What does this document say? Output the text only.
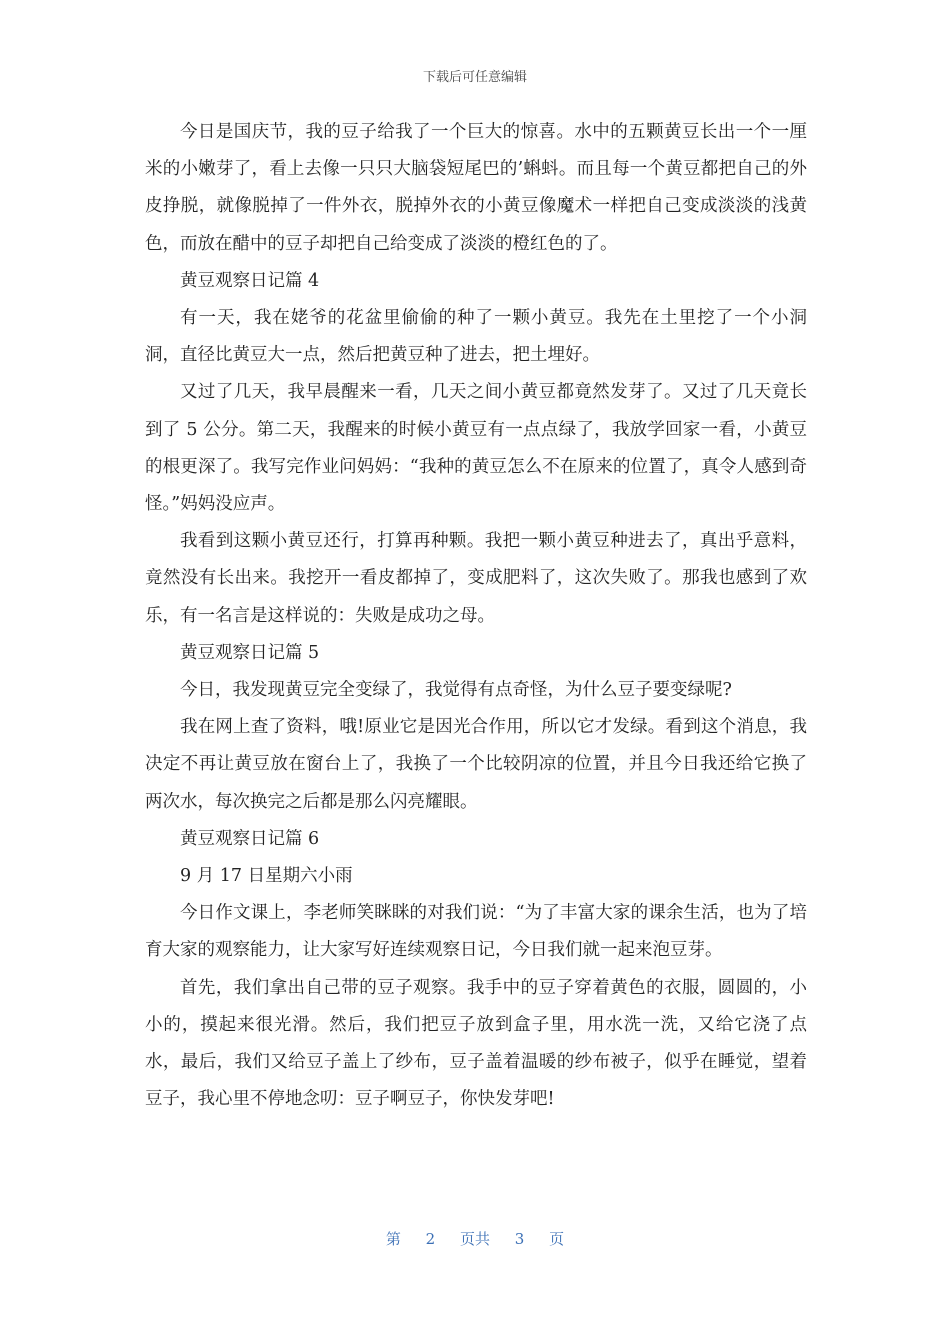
下载后可任意编辑

今日是国庆节，我的豆子给我了一个巨大的惊喜。水中的五颗黄豆长出一个一厘米的小嫩芽了，看上去像一只只大脑袋短尾巴的’蝌蚪。而且每一个黄豆都把自己的外皮挣脱，就像脱掉了一件外衣，脱掉外衣的小黄豆像魔术一样把自己变成淡淡的浅黄色，而放在醋中的豆子却把自己给变成了淡淡的橙红色的了。

黄豆观察日记篇 4

有一天，我在姥爷的花盆里偷偷的种了一颗小黄豆。我先在土里挖了一个小洞洞，直径比黄豆大一点，然后把黄豆种了进去，把土埋好。

又过了几天，我早晨醒来一看，几天之间小黄豆都竟然发芽了。又过了几天竟长到了 5 公分。第二天，我醒来的时候小黄豆有一点点绿了，我放学回家一看，小黄豆的根更深了。我写完作业问妈妈：“我种的黄豆怎么不在原来的位置了，真令人感到奇怪。”妈妈没应声。

我看到这颗小黄豆还行，打算再种颗。我把一颗小黄豆种进去了，真出乎意料，竟然没有长出来。我挖开一看皮都掉了，变成肥料了，这次失败了。那我也感到了欢乐，有一名言是这样说的：失败是成功之母。

黄豆观察日记篇 5

今日，我发现黄豆完全变绿了，我觉得有点奇怪，为什么豆子要变绿呢?

我在网上查了资料，哦!原业它是因光合作用，所以它才发绿。看到这个消息，我决定不再让黄豆放在窗台上了，我换了一个比较阴凉的位置，并且今日我还给它换了两次水，每次换完之后都是那么闪亮耀眼。

黄豆观察日记篇 6

9 月 17 日星期六小雨

今日作文课上，李老师笑眯眯的对我们说：“为了丰富大家的课余生活，也为了培育大家的观察能力，让大家写好连续观察日记，今日我们就一起来泡豆芽。

首先，我们拿出自己带的豆子观察。我手中的豆子穿着黄色的衣服，圆圆的，小小的，摸起来很光滑。然后，我们把豆子放到盒子里，用水洗一洗，又给它浇了点水，最后，我们又给豆子盖上了纱布，豆子盖着温暖的纱布被子，似乎在睡觉，望着豆子，我心里不停地念叨：豆子啊豆子，你快发芽吧!

第 2 页共 3 页
